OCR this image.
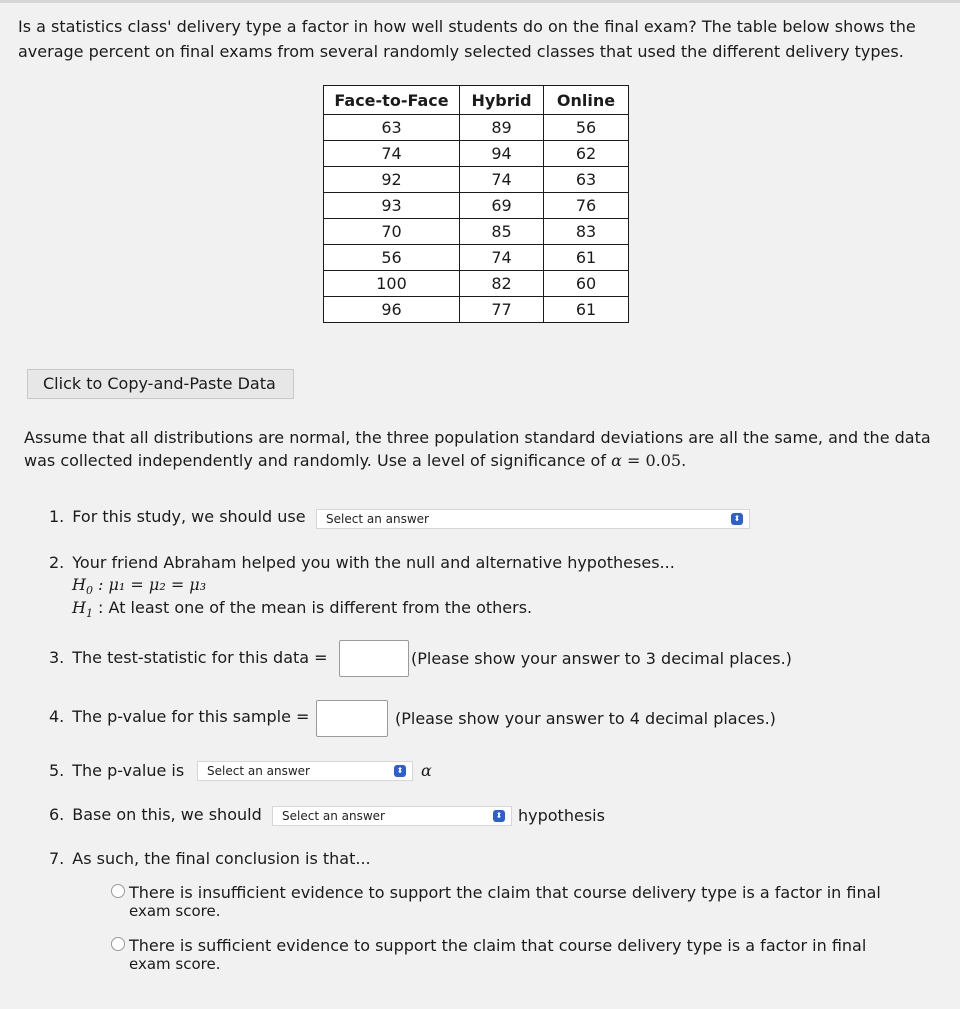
Is a statistics class' delivery type a factor in how well students do on the final exam? The table below shows the average percent on final exams from several randomly selected classes that used the different delivery types.
Face-to-Face	Hybrid	Online
63	89	56
74	94	62
92	74	63
93	69	76
70	85	83
56	74	61
100	82	60
96	77	61
Click to Copy-and-Paste Data
Assume that all distributions are normal, the three population standard deviations are all the same, and the data was collected independently and randomly. Use a level of significance of α = 0.05.
1. For this study, we should use	Select an answer	⬍
2. Your friend Abraham helped you with the null and alternative hypotheses...
$H_0$ : μ₁ = μ₂ = μ₃
$H_1$ : At least one of the mean is different from the others.
3. The test-statistic for this data =	(Please show your answer to 3 decimal places.)
4. The p-value for this sample =	(Please show your answer to 4 decimal places.)
5. The p-value is	Select an answer	⬍ α
6. Base on this, we should	Select an answer	⬍ hypothesis
7. As such, the final conclusion is that...
There is insufficient evidence to support the claim that course delivery type is a factor in final
exam score.
There is sufficient evidence to support the claim that course delivery type is a factor in final
exam score.
